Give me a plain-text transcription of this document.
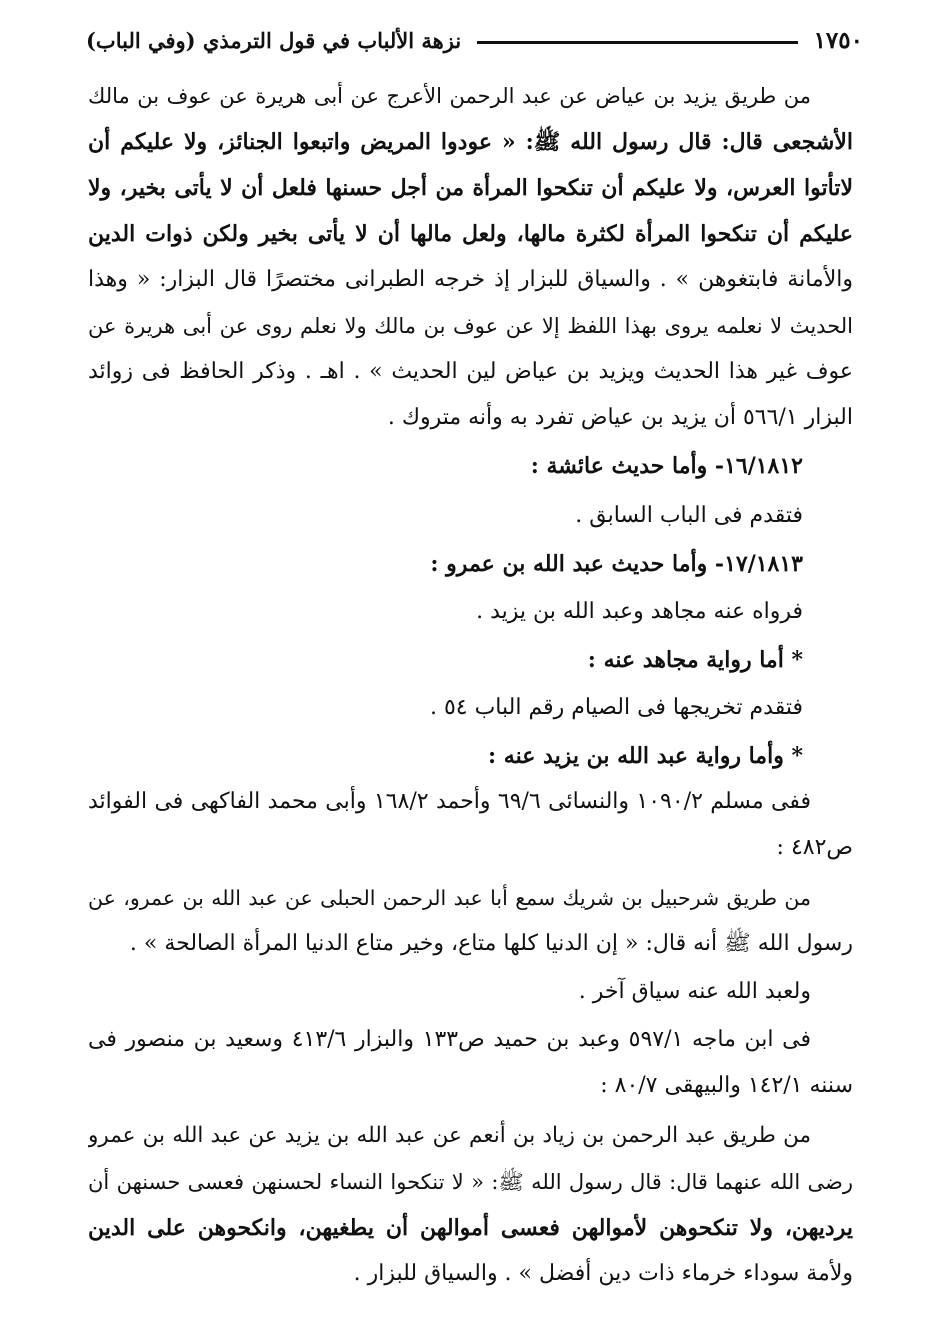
١٧٥٠
نزهة الألباب في قول الترمذي (وفي الباب)
من طريق يزيد بن عياض عن عبد الرحمن الأعرج عن أبى هريرة عن عوف بن مالك
الأشجعى قال: قال رسول الله ﷺ: « عودوا المريض واتبعوا الجنائز، ولا عليكم أن
لاتأتوا العرس، ولا عليكم أن تنكحوا المرأة من أجل حسنها فلعل أن لا يأتى بخير، ولا
عليكم أن تنكحوا المرأة لكثرة مالها، ولعل مالها أن لا يأتى بخير ولكن ذوات الدين
والأمانة فابتغوهن » . والسياق للبزار إذ خرجه الطبرانى مختصرًا قال البزار: « وهذا
الحديث لا نعلمه يروى بهذا اللفظ إلا عن عوف بن مالك ولا نعلم روى عن أبى هريرة عن
عوف غير هذا الحديث ويزيد بن عياض لين الحديث » . اهـ . وذكر الحافظ فى زوائد
البزار ٥٦٦/١ أن يزيد بن عياض تفرد به وأنه متروك .
١٦/١٨١٢- وأما حديث عائشة :
فتقدم فى الباب السابق .
١٧/١٨١٣- وأما حديث عبد الله بن عمرو :
فرواه عنه مجاهد وعبد الله بن يزيد .
* أما رواية مجاهد عنه :
فتقدم تخريجها فى الصيام رقم الباب ٥٤ .
* وأما رواية عبد الله بن يزيد عنه :
ففى مسلم ١٠٩٠/٢ والنسائى ٦٩/٦ وأحمد ١٦٨/٢ وأبى محمد الفاكهى فى الفوائد
ص٤٨٢ :
من طريق شرحبيل بن شريك سمع أبا عبد الرحمن الحبلى عن عبد الله بن عمرو، عن
رسول الله ﷺ أنه قال: « إن الدنيا كلها متاع، وخير متاع الدنيا المرأة الصالحة » .
ولعبد الله عنه سياق آخر .
فى ابن ماجه ٥٩٧/١ وعبد بن حميد ص١٣٣ والبزار ٤١٣/٦ وسعيد بن منصور فى
سننه ١٤٢/١ والبيهقى ٨٠/٧ :
من طريق عبد الرحمن بن زياد بن أنعم عن عبد الله بن يزيد عن عبد الله بن عمرو
رضى الله عنهما قال: قال رسول الله ﷺ: « لا تنكحوا النساء لحسنهن فعسى حسنهن أن
يرديهن، ولا تنكحوهن لأموالهن فعسى أموالهن أن يطغيهن، وانكحوهن على الدين
ولأمة سوداء خرماء ذات دين أفضل » . والسياق للبزار .
